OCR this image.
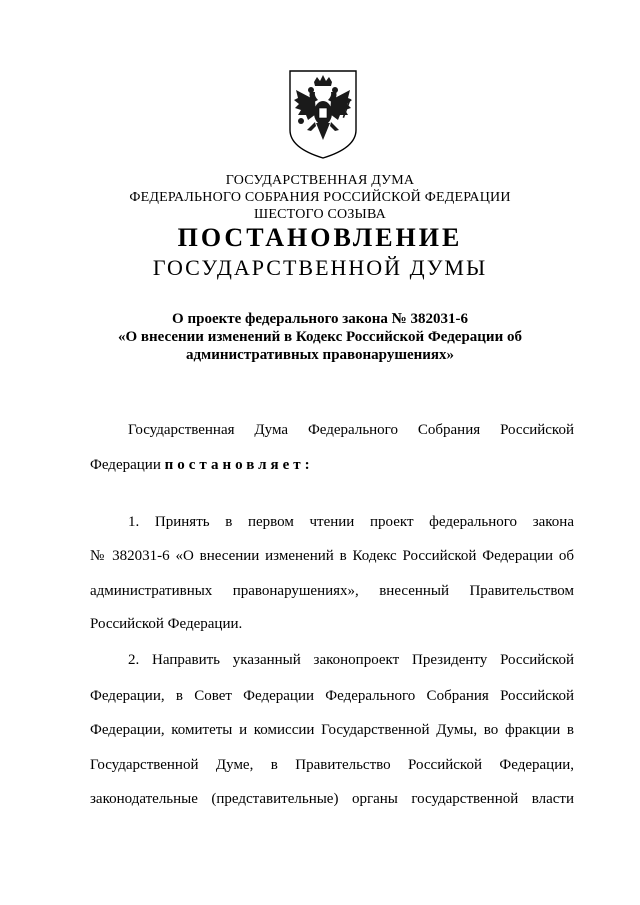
ГОСУДАРСТВЕННАЯ ДУМА
ФЕДЕРАЛЬНОГО СОБРАНИЯ РОССИЙСКОЙ ФЕДЕРАЦИИ
ШЕСТОГО СОЗЫВА
ПОСТАНОВЛЕНИЕ
ГОСУДАРСТВЕННОЙ ДУМЫ
О проекте федерального закона № 382031-6
«О внесении изменений в Кодекс Российской Федерации об
административных правонарушениях»
Государственная Дума Федерального Собрания Российской
Федерации постановляет:
1. Принять в первом чтении проект федерального закона
№ 382031-6 «О внесении изменений в Кодекс Российской Федерации об
административных правонарушениях», внесенный Правительством
Российской Федерации.
2. Направить указанный законопроект Президенту Российской
Федерации, в Совет Федерации Федерального Собрания Российской
Федерации, комитеты и комиссии Государственной Думы, во фракции в
Государственной Думе, в Правительство Российской Федерации,
законодательные (представительные) органы государственной власти
